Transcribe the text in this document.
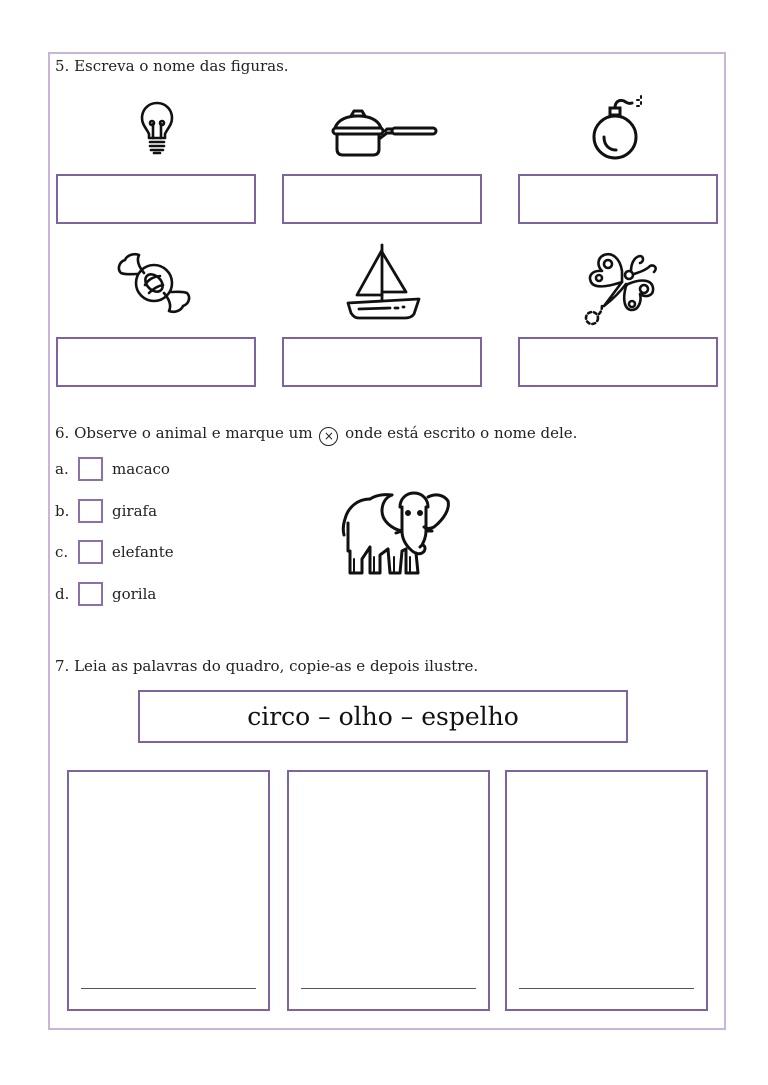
5. Escreva o nome das figuras.
6. Observe o animal e marque um × onde está escrito o nome dele.
a.	macaco
b.	girafa
c.	elefante
d.	gorila
7. Leia as palavras do quadro, copie-as e depois ilustre.
circo – olho – espelho
